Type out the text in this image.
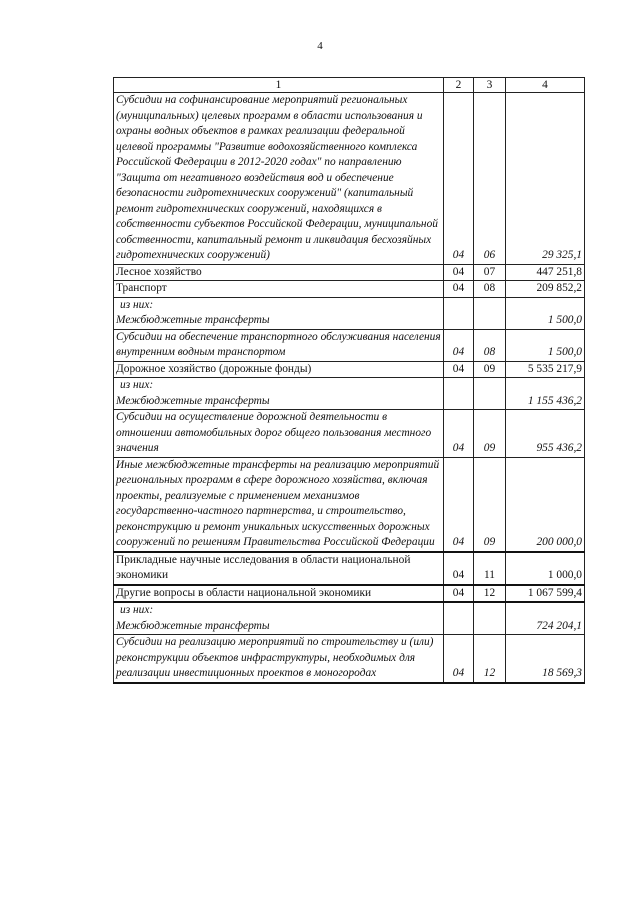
4
1	2	3	4
Субсидии на софинансирование мероприятий региональных (муниципальных) целевых программ в области использования и охраны водных объектов в рамках реализации федеральной целевой программы "Развитие водохозяйственного комплекса Российской Федерации в 2012-2020 годах" по направлению "Защита от негативного воздействия вод и обеспечение безопасности гидротехнических сооружений" (капитальный ремонт гидротехнических сооружений, находящихся в собственности субъектов Российской Федерации, муниципальной собственности, капитальный ремонт и ликвидация бесхозяйных гидротехнических сооружений)	04	06	29 325,1
Лесное хозяйство	04	07	447 251,8
Транспорт	04	08	209 852,2

из них:
Межбюджетные трансферты			1 500,0
Субсидии на обеспечение транспортного обслуживания населения внутренним водным транспортом	04	08	1 500,0
Дорожное хозяйство (дорожные фонды)	04	09	5 535 217,9

из них:
Межбюджетные трансферты			1 155 436,2
Субсидии на осуществление дорожной деятельности в отношении автомобильных дорог общего пользования местного значения	04	09	955 436,2
Иные межбюджетные трансферты на реализацию мероприятий региональных программ в сфере дорожного хозяйства, включая проекты, реализуемые с применением механизмов государственно-частного партнерства, и строительство, реконструкцию и ремонт уникальных искусственных дорожных сооружений по решениям Правительства Российской Федерации	04	09	200 000,0
Прикладные научные исследования в области национальной экономики	04	11	1 000,0
Другие вопросы в области национальной экономики	04	12	1 067 599,4

из них:
Межбюджетные трансферты			724 204,1
Субсидии на реализацию мероприятий по строительству и (или) реконструкции объектов инфраструктуры, необходимых для реализации инвестиционных проектов в моногородах	04	12	18 569,3
